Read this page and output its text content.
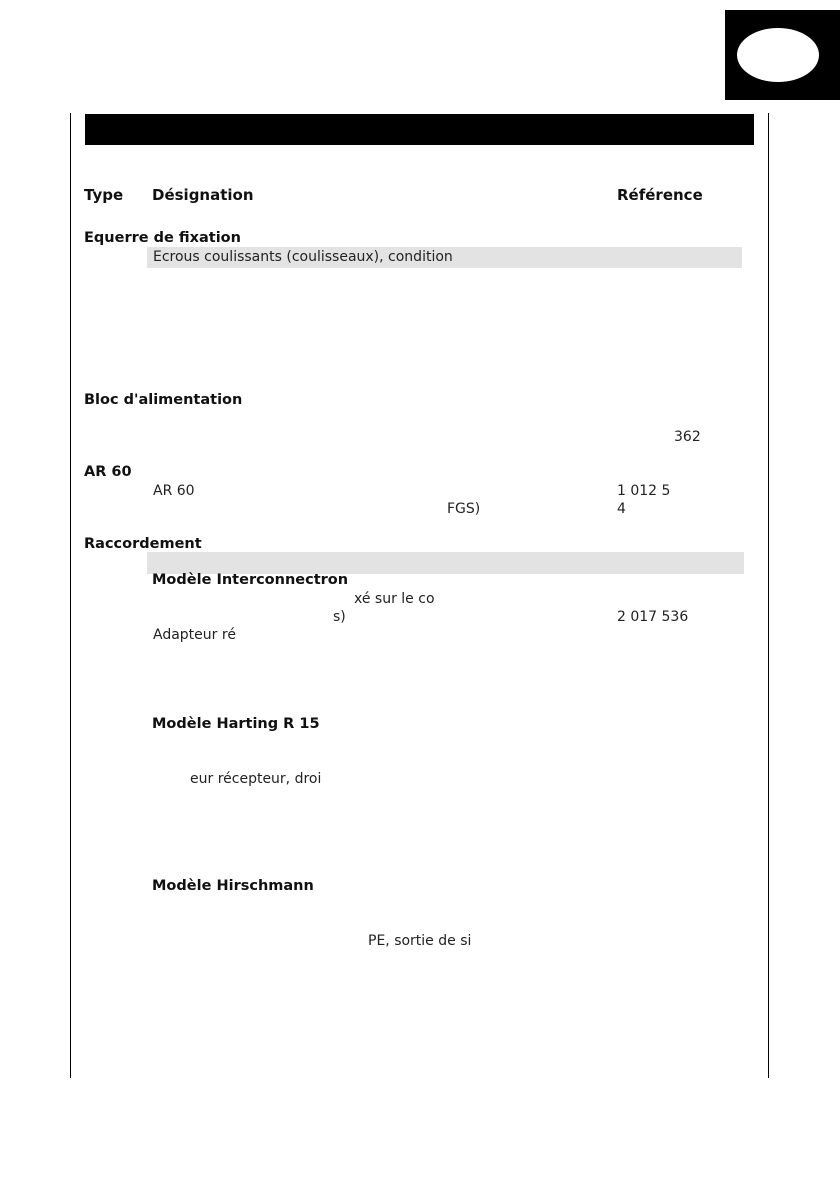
Type Désignation	Référence
Equerre de fixation
Ecrous coulissants (coulisseaux), condition
Bloc d'alimentation
362
AR 60
AR 60	1 012 5
FGS)	4
Raccordement
Modèle Interconnectron
xé sur le co
s)	2 017 536
Adapteur ré
Modèle Harting R 15
eur récepteur, droi
Modèle Hirschmann
PE, sortie de si
